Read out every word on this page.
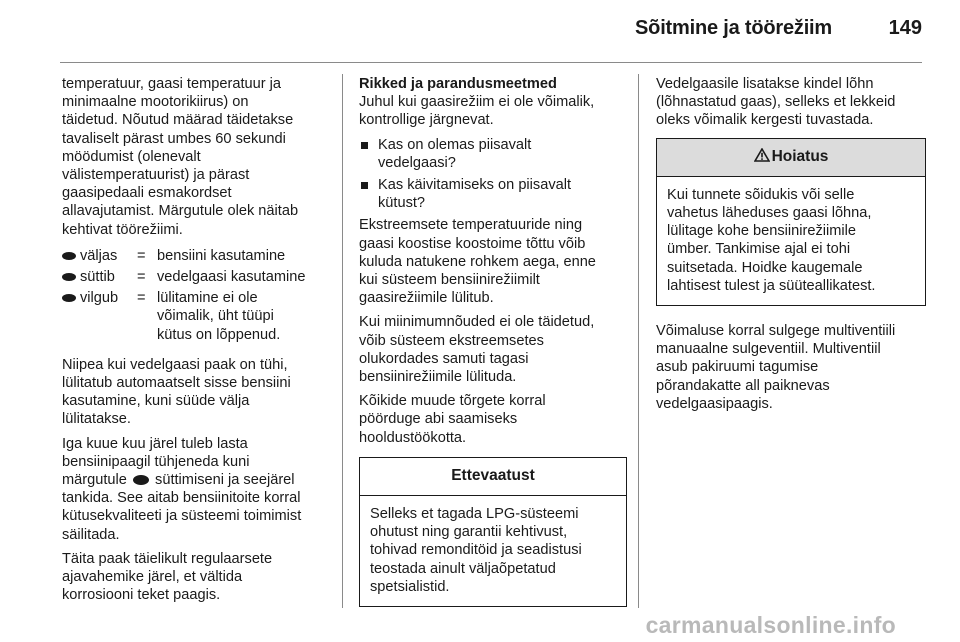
Sõitmine ja töörežiim	149

temperatuur, gaasi temperatuur ja
minimaalne mootorikiirus) on
täidetud. Nõutud määrad täidetakse
tavaliselt pärast umbes 60 sekundi
möödumist (olenevalt
välistemperatuurist) ja pärast
gaasipedaali esmakordset
allavajutamist. Märgutule olek näitab
kehtivat töörežiimi.

väljas = bensiini kasutamine
süttib = vedelgaasi kasutamine
vilgub = lülitamine ei ole
võimalik, üht tüüpi
kütus on lõppenud.

Niipea kui vedelgaasi paak on tühi,
lülitatub automaatselt sisse bensiini
kasutamine, kuni süüde välja
lülitatakse.

Iga kuue kuu järel tuleb lasta
bensiinipaagil tühjeneda kuni
märgutule süttimiseni ja seejärel
tankida. See aitab bensiinitoite korral
kütusekvaliteeti ja süsteemi toimimist
säilitada.

Täita paak täielikult regulaarsete
ajavahemike järel, et vältida
korrosiooni teket paagis.

Rikked ja parandusmeetmed

Juhul kui gaasirežiim ei ole võimalik,
kontrollige järgnevat.

Kas on olemas piisavalt
vedelgaasi?
Kas käivitamiseks on piisavalt
kütust?

Ekstreemsete temperatuuride ning
gaasi koostise koostoime tõttu võib
kuluda natukene rohkem aega, enne
kui süsteem bensiinirežiimilt
gaasirežiimile lülitub.

Kui miinimumnõuded ei ole täidetud,
võib süsteem ekstreemsetes
olukordades samuti tagasi
bensiinirežiimile lülituda.

Kõikide muude tõrgete korral
pöörduge abi saamiseks
hooldustöökotta.

Ettevaatust
Selleks et tagada LPG-süsteemi
ohutust ning garantii kehtivust,
tohivad remonditöid ja seadistusi
teostada ainult väljaõpetatud
spetsialistid.

Vedelgaasile lisatakse kindel lõhn
(lõhnastatud gaas), selleks et lekkeid
oleks võimalik kergesti tuvastada.

Hoiatus
Kui tunnete sõidukis või selle
vahetus läheduses gaasi lõhna,
lülitage kohe bensiinirežiimile
ümber. Tankimise ajal ei tohi
suitsetada. Hoidke kaugemale
lahtisest tulest ja süüteallikatest.

Võimaluse korral sulgege multiventiili
manuaalne sulgeventiil. Multiventiil
asub pakiruumi tagumise
põrandakatte all paiknevas
vedelgaasipaagis.

carmanualsonline.info
